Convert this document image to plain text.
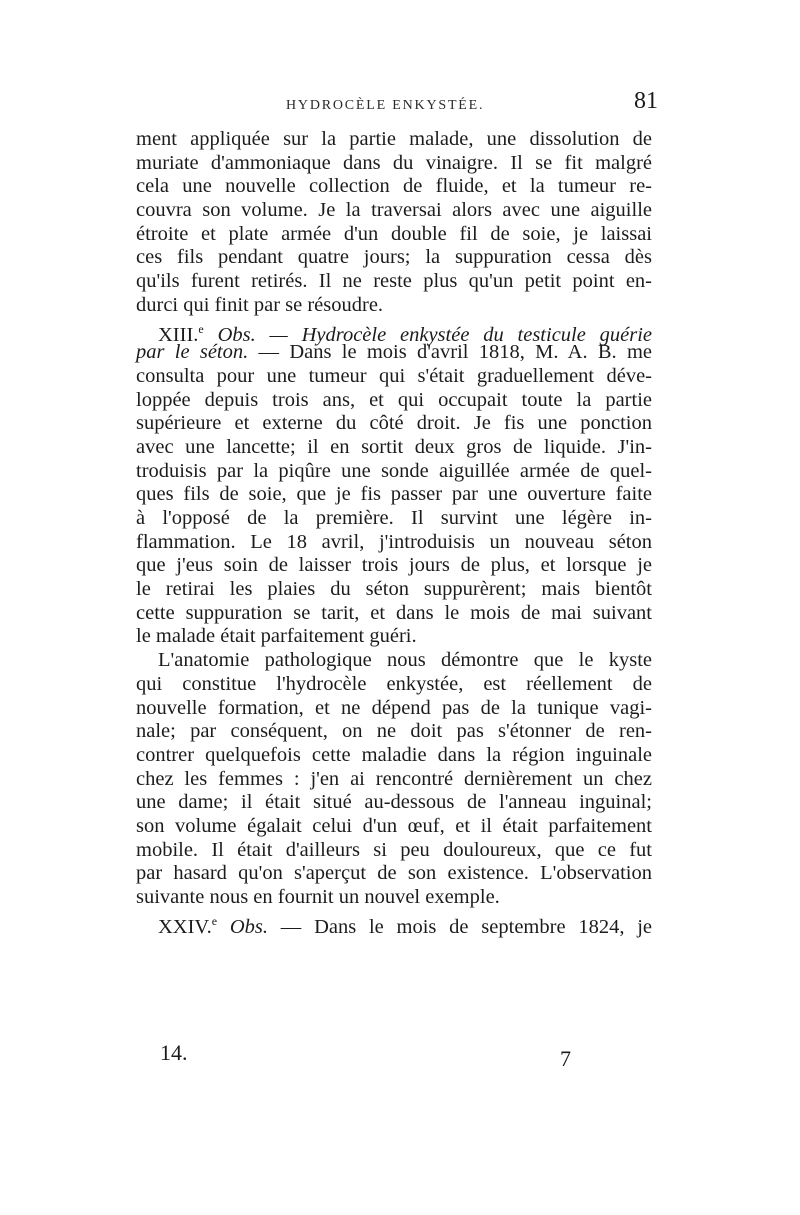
HYDROCÈLE ENKYSTÉE.	81
ment appliquée sur la partie malade, une dissolution de
muriate d'ammoniaque dans du vinaigre. Il se fit malgré
cela une nouvelle collection de fluide, et la tumeur re-
couvra son volume. Je la traversai alors avec une aiguille
étroite et plate armée d'un double fil de soie, je laissai
ces fils pendant quatre jours; la suppuration cessa dès
qu'ils furent retirés. Il ne reste plus qu'un petit point en-
durci qui finit par se résoudre.
XIII.$^e$ Obs. — Hydrocèle enkystée du testicule guérie
par le séton. — Dans le mois d'avril 1818, M. A. B. me
consulta pour une tumeur qui s'était graduellement déve-
loppée depuis trois ans, et qui occupait toute la partie
supérieure et externe du côté droit. Je fis une ponction
avec une lancette; il en sortit deux gros de liquide. J'in-
troduisis par la piqûre une sonde aiguillée armée de quel-
ques fils de soie, que je fis passer par une ouverture faite
à l'opposé de la première. Il survint une légère in-
flammation. Le 18 avril, j'introduisis un nouveau séton
que j'eus soin de laisser trois jours de plus, et lorsque je
le retirai les plaies du séton suppurèrent; mais bientôt
cette suppuration se tarit, et dans le mois de mai suivant
le malade était parfaitement guéri.
L'anatomie pathologique nous démontre que le kyste
qui constitue l'hydrocèle enkystée, est réellement de
nouvelle formation, et ne dépend pas de la tunique vagi-
nale; par conséquent, on ne doit pas s'étonner de ren-
contrer quelquefois cette maladie dans la région inguinale
chez les femmes : j'en ai rencontré dernièrement un chez
une dame; il était situé au-dessous de l'anneau inguinal;
son volume égalait celui d'un œuf, et il était parfaitement
mobile. Il était d'ailleurs si peu douloureux, que ce fut
par hasard qu'on s'aperçut de son existence. L'observation
suivante nous en fournit un nouvel exemple.
XXIV.$^e$ Obs. — Dans le mois de septembre 1824, je
14.	7
